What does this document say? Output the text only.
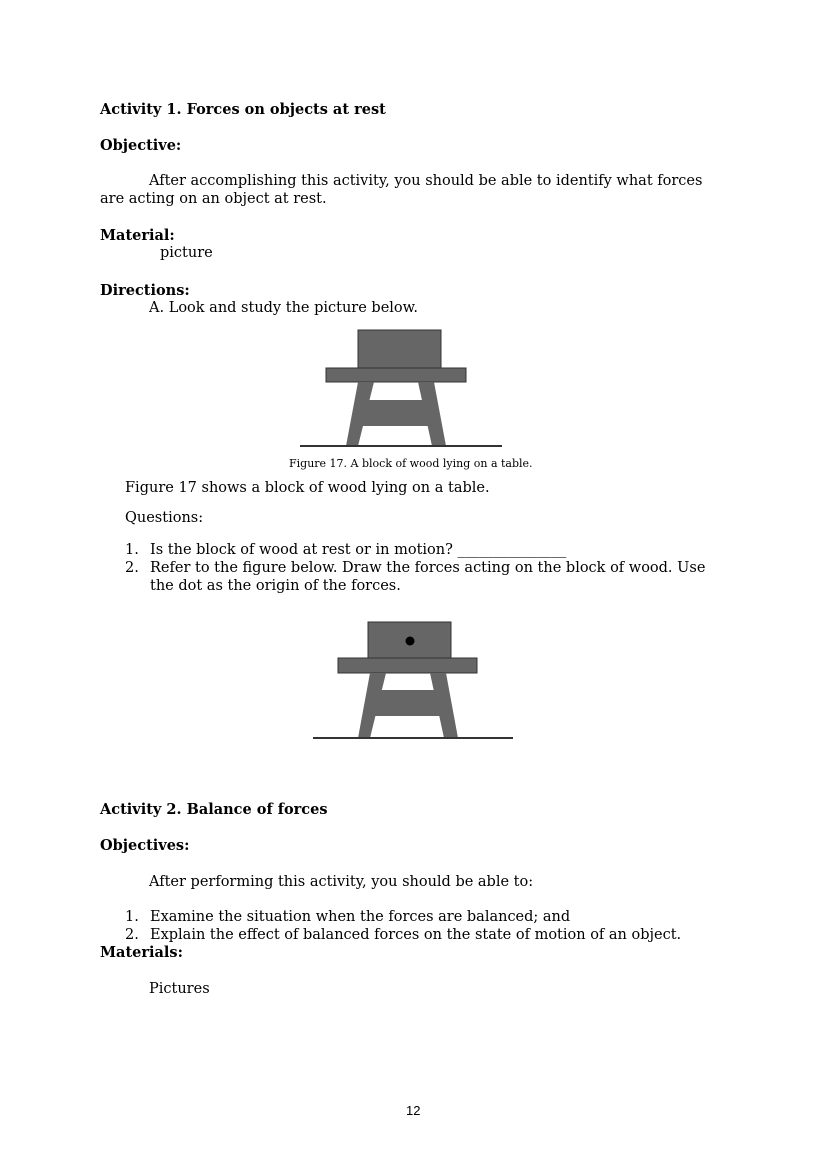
Activity 1. Forces on objects at rest
Objective:
After accomplishing this activity, you should be able to identify what forces
are acting on an object at rest.
Material:
picture
Directions:
A. Look and study the picture below.
Figure 17. A block of wood lying on a table.
Figure 17 shows a block of wood lying on a table.
Questions:
1. Is the block of wood at rest or in motion? _______________
2. Refer to the figure below. Draw the forces acting on the block of wood. Use
the dot as the origin of the forces.
Activity 2. Balance of forces
Objectives:
After performing this activity, you should be able to:
1. Examine the situation when the forces are balanced; and
2. Explain the effect of balanced forces on the state of motion of an object.
Materials:
Pictures
12
